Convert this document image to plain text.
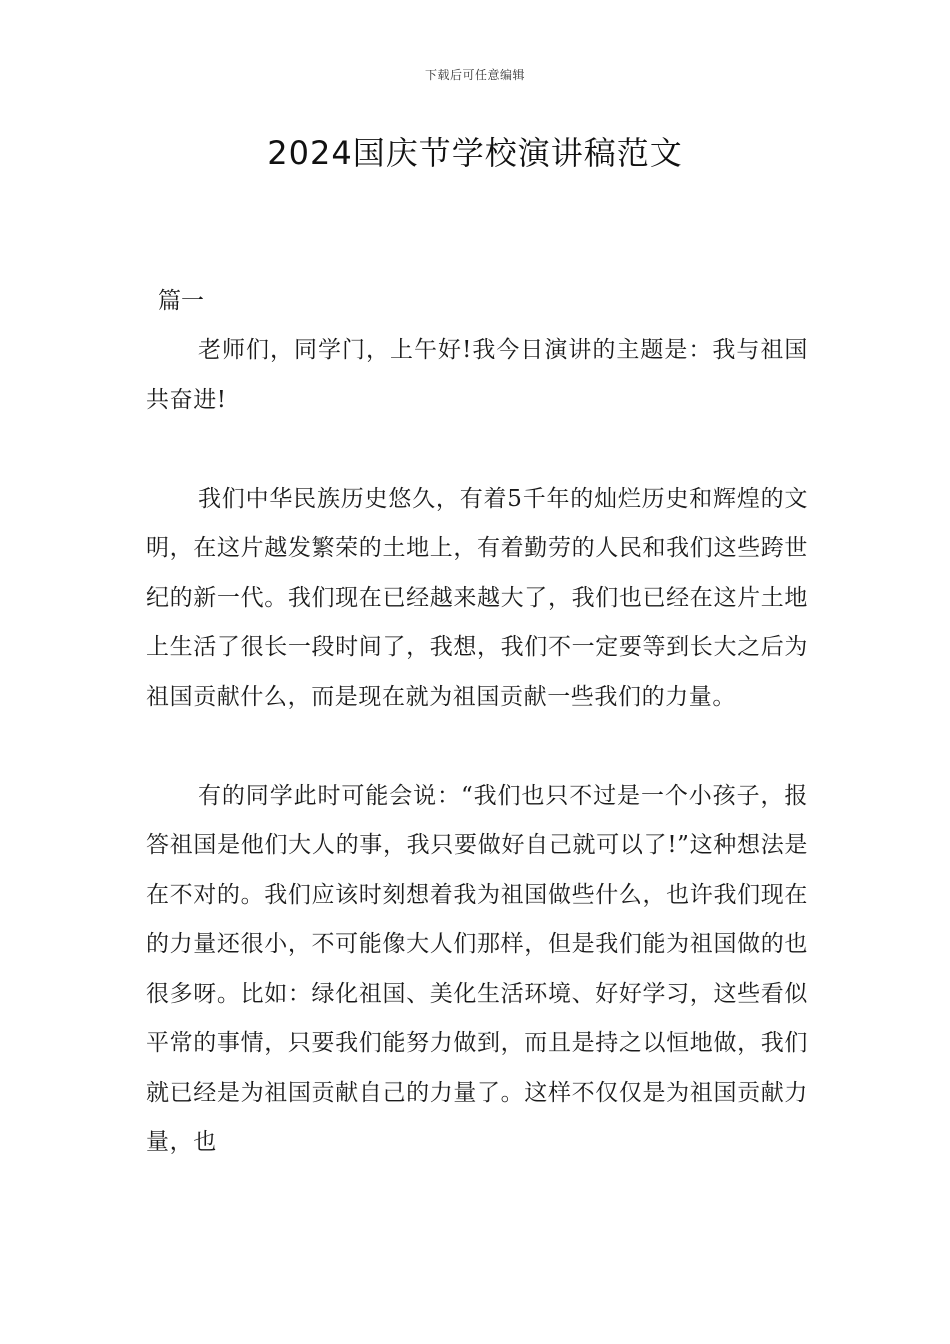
下载后可任意编辑
2024国庆节学校演讲稿范文
篇一

老师们，同学门，上午好!我今日演讲的主题是：我与祖国共奋进!

我们中华民族历史悠久，有着5千年的灿烂历史和辉煌的文明，在这片越发繁荣的土地上，有着勤劳的人民和我们这些跨世纪的新一代。我们现在已经越来越大了，我们也已经在这片土地上生活了很长一段时间了，我想，我们不一定要等到长大之后为祖国贡献什么，而是现在就为祖国贡献一些我们的力量。

有的同学此时可能会说：“我们也只不过是一个小孩子，报答祖国是他们大人的事，我只要做好自己就可以了!”这种想法是在不对的。我们应该时刻想着我为祖国做些什么，也许我们现在的力量还很小，不可能像大人们那样，但是我们能为祖国做的也很多呀。比如：绿化祖国、美化生活环境、好好学习，这些看似平常的事情，只要我们能努力做到，而且是持之以恒地做，我们就已经是为祖国贡献自己的力量了。这样不仅仅是为祖国贡献力量，也
